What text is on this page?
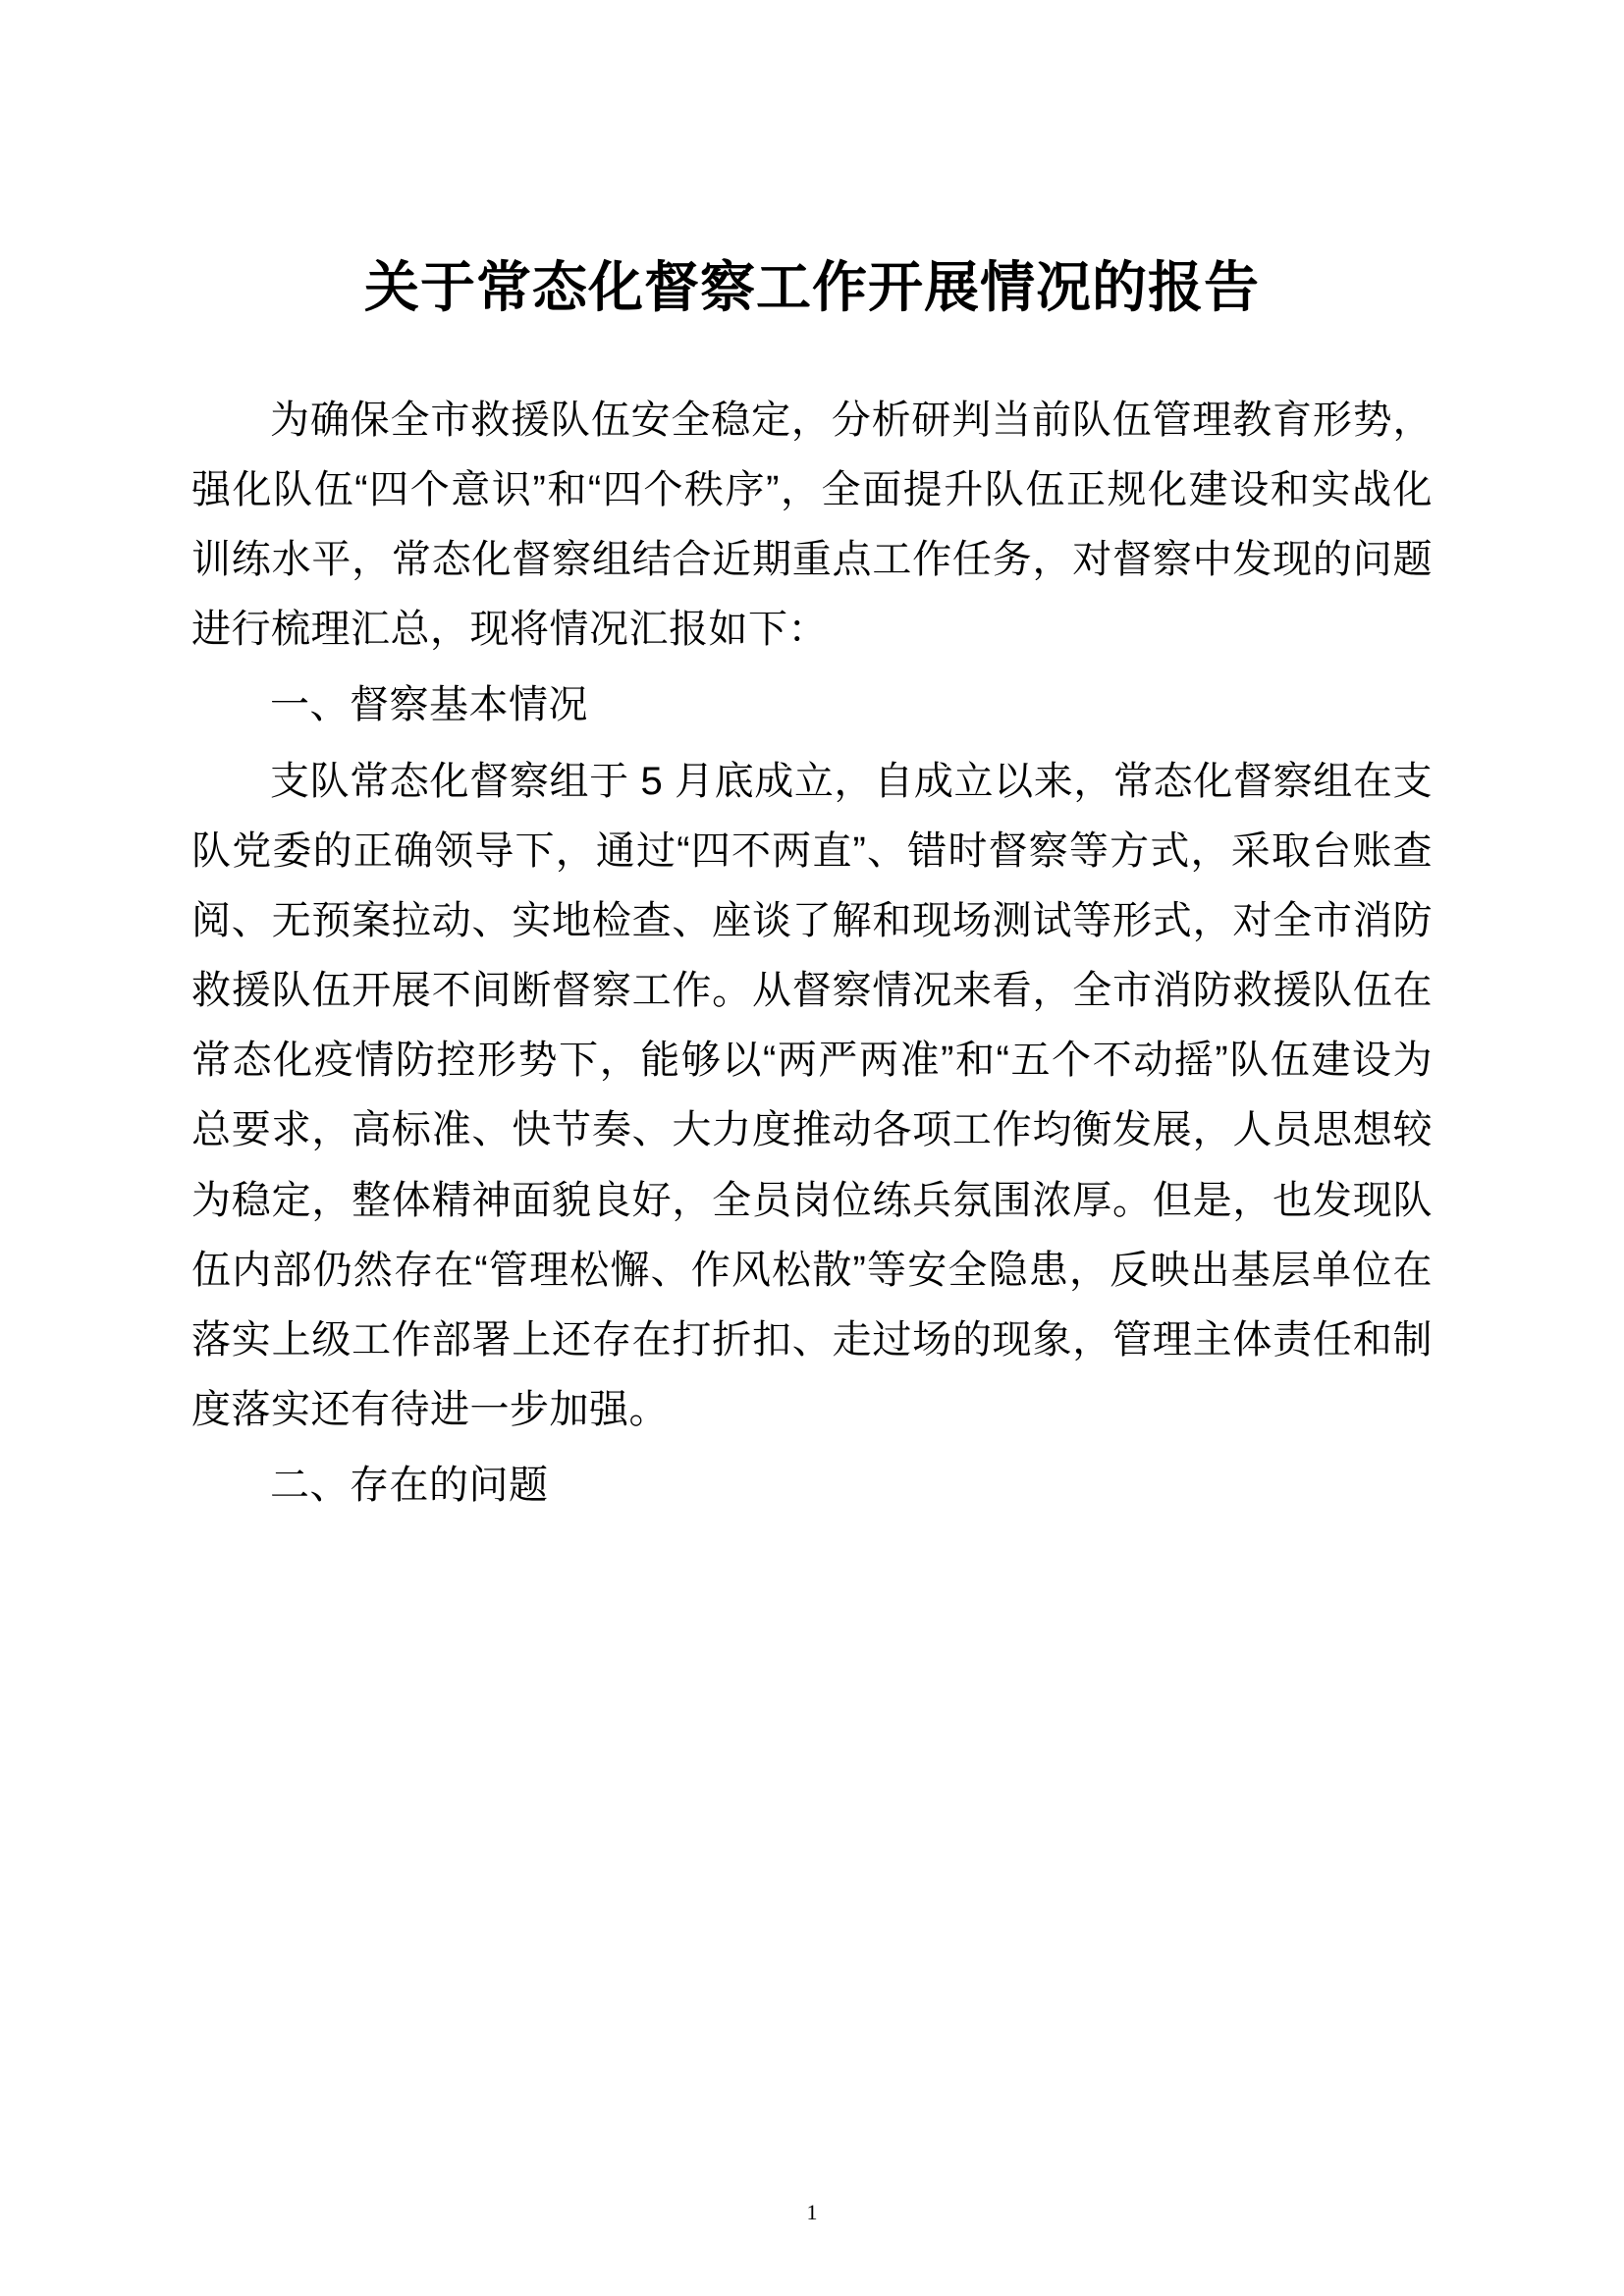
关于常态化督察工作开展情况的报告

为确保全市救援队伍安全稳定，分析研判当前队伍管理教育形势，强化队伍“四个意识”和“四个秩序”，全面提升队伍正规化建设和实战化训练水平，常态化督察组结合近期重点工作任务，对督察中发现的问题进行梳理汇总，现将情况汇报如下：

一、督察基本情况

支队常态化督察组于 5 月底成立，自成立以来，常态化督察组在支队党委的正确领导下，通过“四不两直”、错时督察等方式，采取台账查阅、无预案拉动、实地检查、座谈了解和现场测试等形式，对全市消防救援队伍开展不间断督察工作。从督察情况来看，全市消防救援队伍在常态化疫情防控形势下，能够以“两严两准”和“五个不动摇”队伍建设为总要求，高标准、快节奏、大力度推动各项工作均衡发展，人员思想较为稳定，整体精神面貌良好，全员岗位练兵氛围浓厚。但是，也发现队伍内部仍然存在“管理松懈、作风松散”等安全隐患，反映出基层单位在落实上级工作部署上还存在打折扣、走过场的现象，管理主体责任和制度落实还有待进一步加强。

二、存在的问题

1
